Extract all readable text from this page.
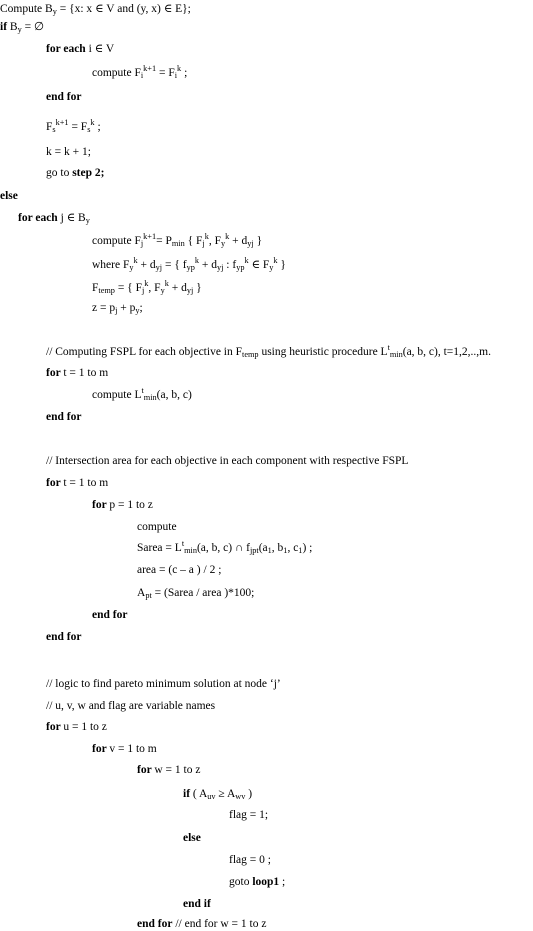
Compute $B_y = \{x$: x ∈ V and (y, x) ∈ E};
if $B_y$ = ∅
for each i ∈ V
compute $F_i^{k+1} = F_i^k$ ;
end for
$F_s^{k+1} = F_s^k$ ;
k = k + 1;
go to step 2;
else
for each j ∈ $B_y$
compute $F_j^{k+1}= P_{min}$ { $F_j^k$, $F_y^k + d_{yj}$ }
where $F_y^k + d_{yj}$ = { $f_{yp}^k + d_{yj}$ : $f_{yp}^k$ ∈ $F_y^k$ }
$F_{temp}$ = { $F_j^k$, $F_y^k + d_{yj}$ }
$z = p_j + p_y$;
// Computing FSPL for each objective in $F_{temp}$ using heuristic procedure $L^t_{min}(a$, b, c), t=1,2,..,m.
for t = 1 to m
compute $L^t_{min}(a$, b, c)
end for
// Intersection area for each objective in each component with respective FSPL
for t = 1 to m
for p = 1 to z
compute
Sarea = $L^t_{min}(a$, b, c) ∩ $f_{jpt}(a_1$, $b_1$, $c_1$) ;
area = (c – a ) / 2 ;
$A_{pt}$ = (Sarea / area )*100;
end for
end for
// logic to find pareto minimum solution at node ‘j’
// u, v, w and flag are variable names
for u = 1 to z
for v = 1 to m
for w = 1 to z
if ( $A_{uv} \ge A_{wv}$ )
flag = 1;
else
flag = 0 ;
goto loop1 ;
end if
end for // end for w = 1 to z
